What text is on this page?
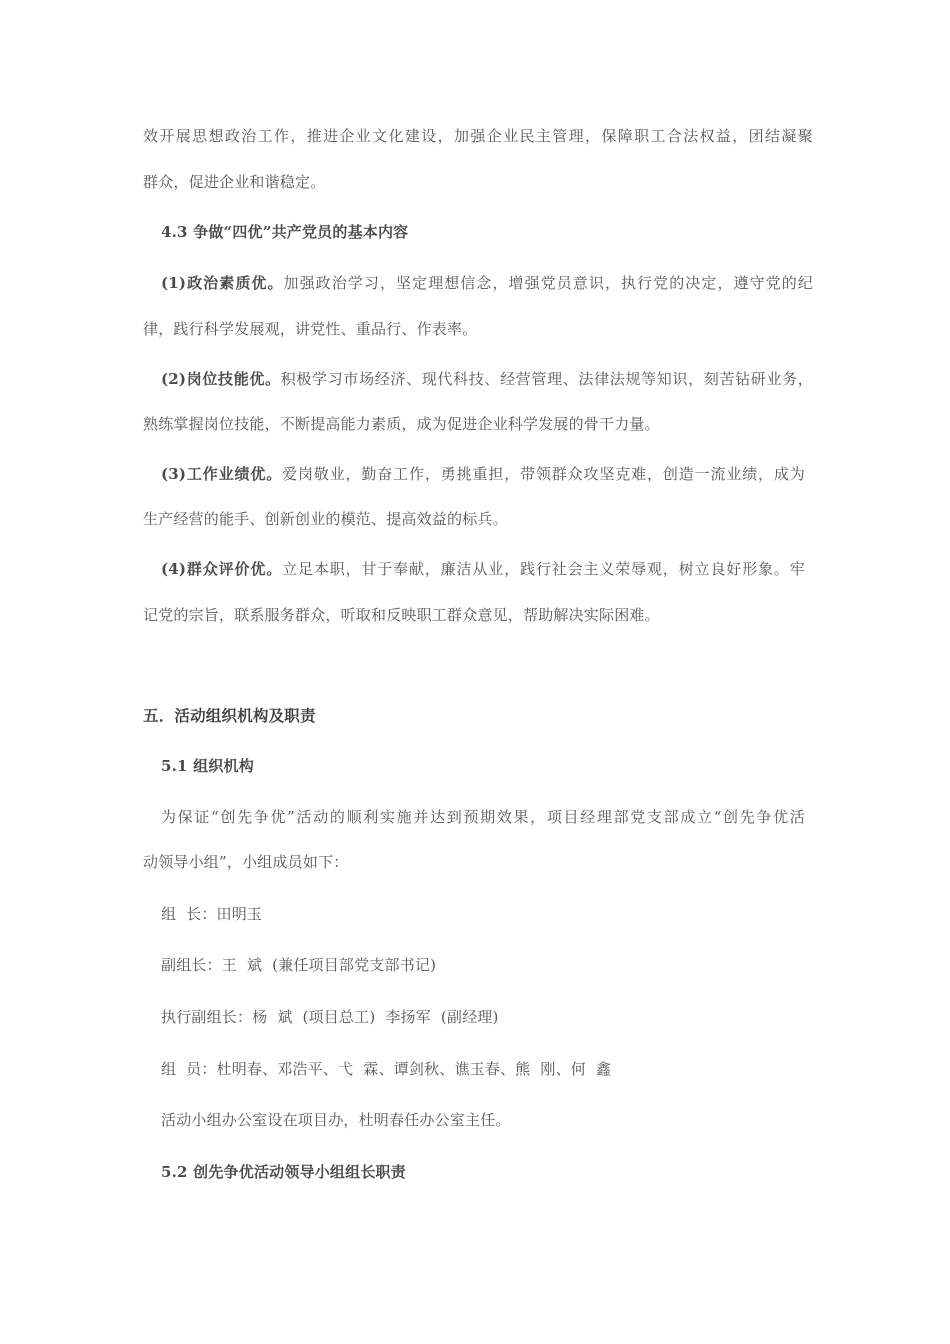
效开展思想政治工作，推进企业文化建设，加强企业民主管理，保障职工合法权益，团结凝聚
群众，促进企业和谐稳定。
4.3 争做“四优”共产党员的基本内容
(1)政治素质优。加强政治学习，坚定理想信念，增强党员意识，执行党的决定，遵守党的纪
律，践行科学发展观，讲党性、重品行、作表率。
(2)岗位技能优。积极学习市场经济、现代科技、经营管理、法律法规等知识，刻苦钻研业务，
熟练掌握岗位技能，不断提高能力素质，成为促进企业科学发展的骨干力量。
(3)工作业绩优。爱岗敬业，勤奋工作，勇挑重担，带领群众攻坚克难，创造一流业绩，成为
生产经营的能手、创新创业的模范、提高效益的标兵。
(4)群众评价优。立足本职，甘于奉献，廉洁从业，践行社会主义荣辱观，树立良好形象。牢
记党的宗旨，联系服务群众，听取和反映职工群众意见，帮助解决实际困难。
五．活动组织机构及职责
5.1 组织机构
为保证“创先争优”活动的顺利实施并达到预期效果，项目经理部党支部成立“创先争优活
动领导小组”，小组成员如下：
组  长：田明玉
副组长：王  斌  (兼任项目部党支部书记)
执行副组长：杨  斌  (项目总工)  李扬军  (副经理)
组  员：杜明春、邓浩平、弋  霖、谭剑秋、谯玉春、熊  刚、何  鑫
活动小组办公室设在项目办，杜明春任办公室主任。
5.2 创先争优活动领导小组组长职责
